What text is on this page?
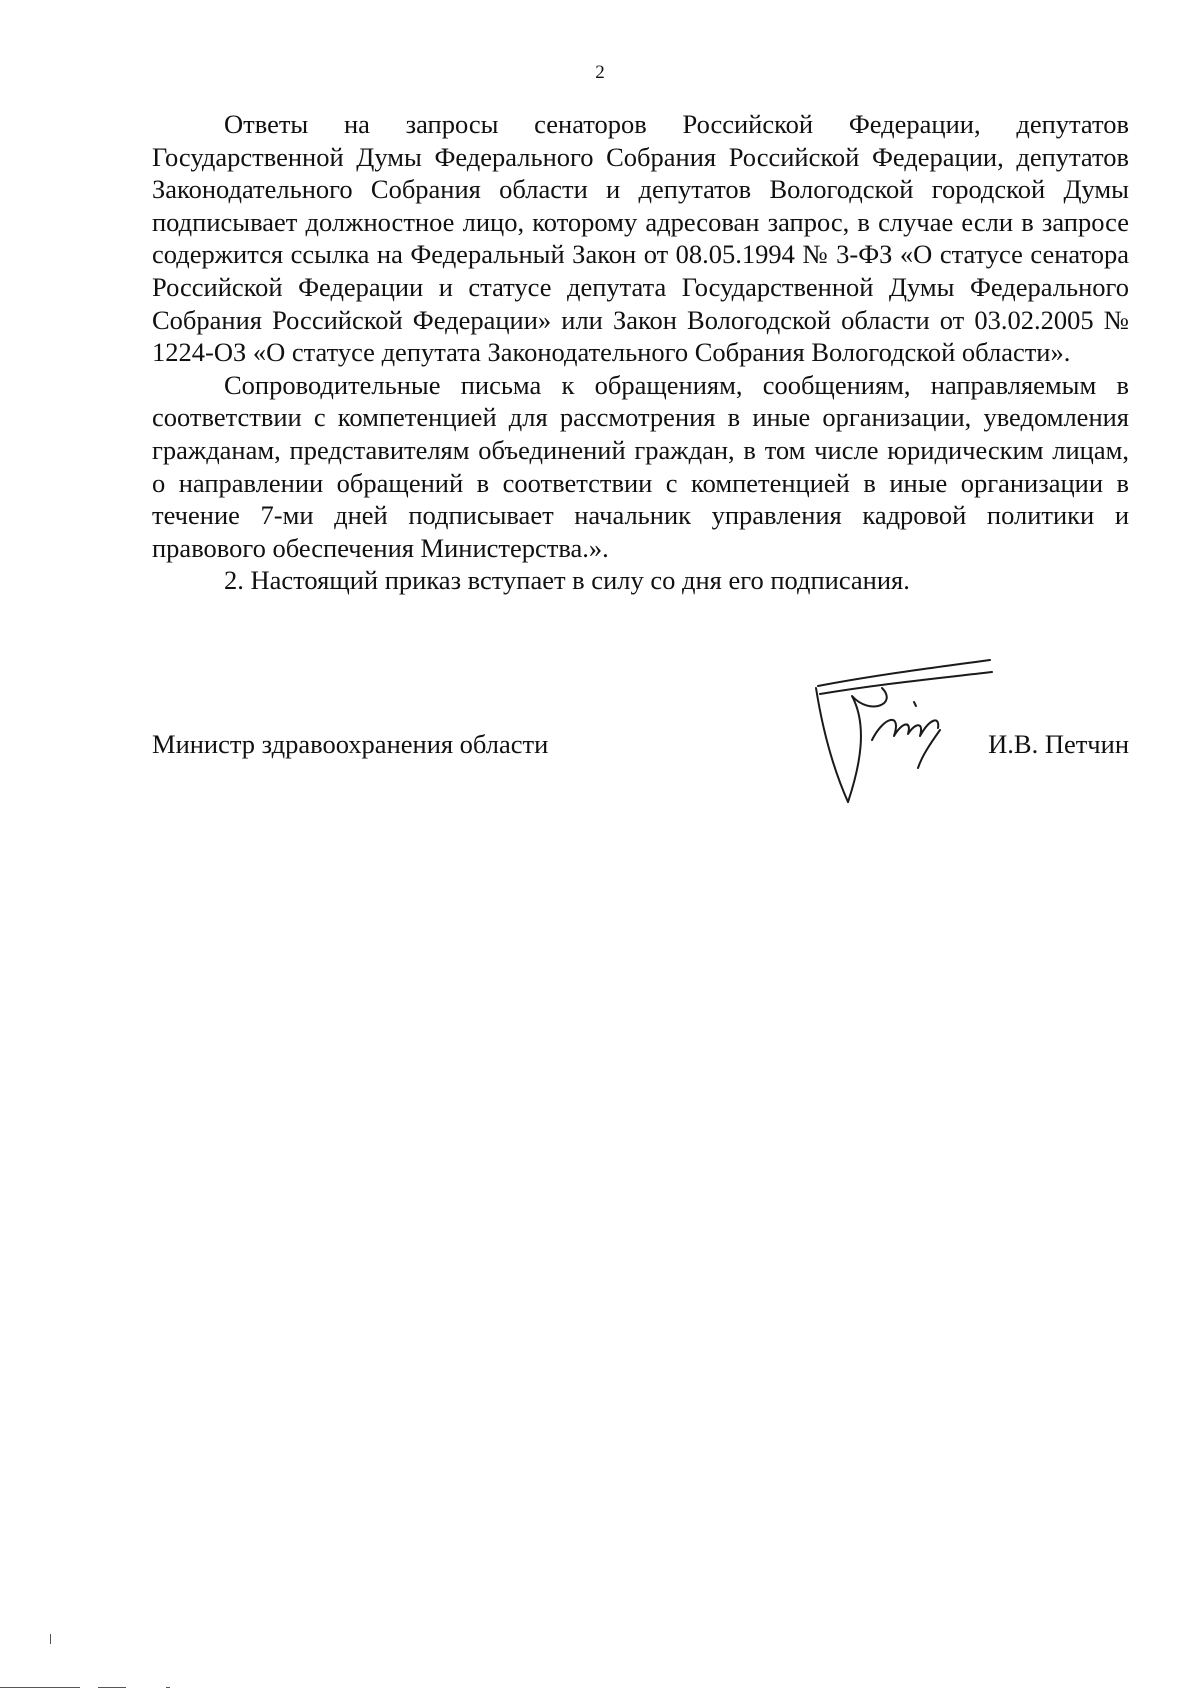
2

Ответы на запросы сенаторов Российской Федерации, депутатов Государственной Думы Федерального Собрания Российской Федерации, депутатов Законодательного Собрания области и депутатов Вологодской городской Думы подписывает должностное лицо, которому адресован запрос, в случае если в запросе содержится ссылка на Федеральный Закон от 08.05.1994 № 3-ФЗ «О статусе сенатора Российской Федерации и статусе депутата Государственной Думы Федерального Собрания Российской Федерации» или Закон Вологодской области от 03.02.2005 № 1224-ОЗ «О статусе депутата Законодательного Собрания Вологодской области».

Сопроводительные письма к обращениям, сообщениям, направляемым в соответствии с компетенцией для рассмотрения в иные организации, уведомления гражданам, представителям объединений граждан, в том числе юридическим лицам, о направлении обращений в соответствии с компетенцией в иные организации в течение 7-ми дней подписывает начальник управления кадровой политики и правового обеспечения Министерства.».

2. Настоящий приказ вступает в силу со дня его подписания.

Министр здравоохранения области	И.В. Петчин
